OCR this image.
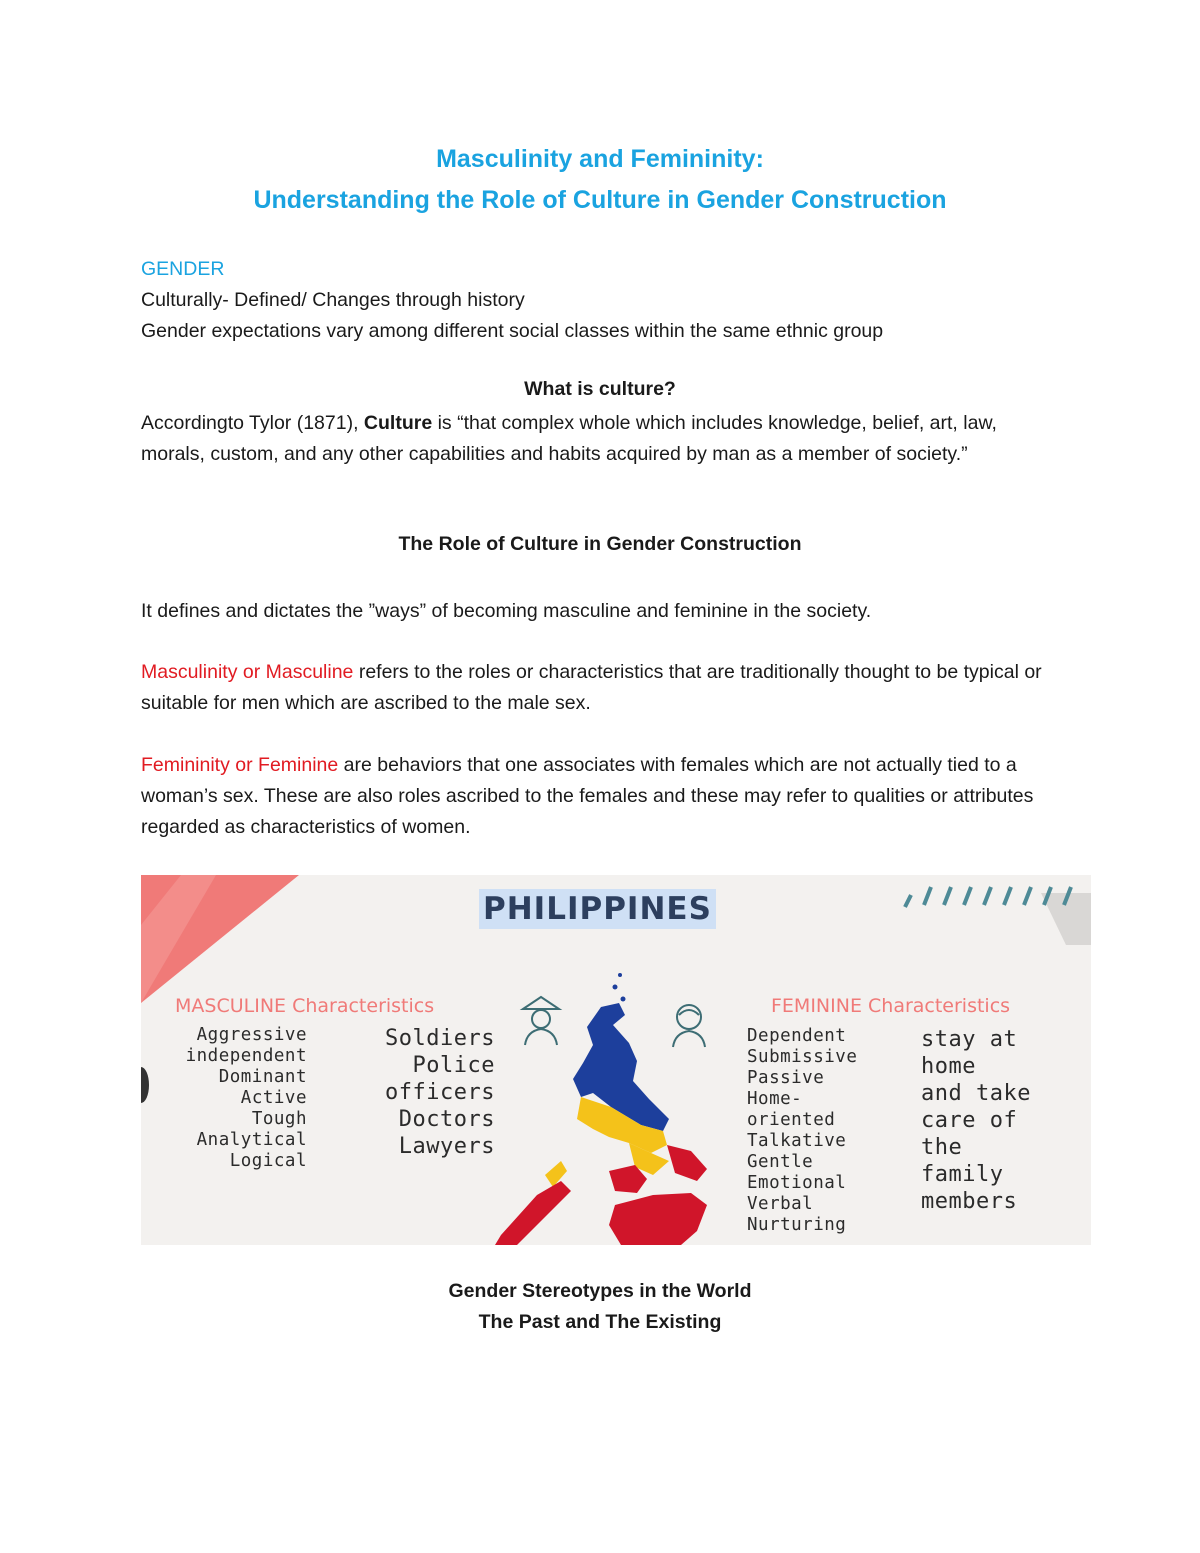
Masculinity and Femininity:
Understanding the Role of Culture in Gender Construction

GENDER

Culturally- Defined/ Changes through history

Gender expectations vary among different social classes within the same ethnic group

What is culture?
Accordingto Tylor (1871), Culture is “that complex whole which includes knowledge, belief, art, law, morals, custom, and any other capabilities and habits acquired by man as a member of society.”
The Role of Culture in Gender Construction
It defines and dictates the ”ways” of becoming masculine and feminine in the society.
Masculinity or Masculine refers to the roles or characteristics that are traditionally thought to be typical or suitable for men which are ascribed to the male sex.
Femininity or Feminine are behaviors that one associates with females which are not actually tied to a woman’s sex. These are also roles ascribed to the females and these may refer to qualities or attributes regarded as characteristics of women.
PHILIPPINES
MASCULINE Characteristics
Aggressive
independent
Dominant
Active
Tough
Analytical
Logical
Soldiers
Police
officers
Doctors
Lawyers
FEMININE Characteristics
Dependent
Submissive
Passive
Home-
oriented
Talkative
Gentle
Emotional
Verbal
Nurturing
stay at
home
and take
care of
the
family
members
Gender Stereotypes in the World
The Past and The Existing
